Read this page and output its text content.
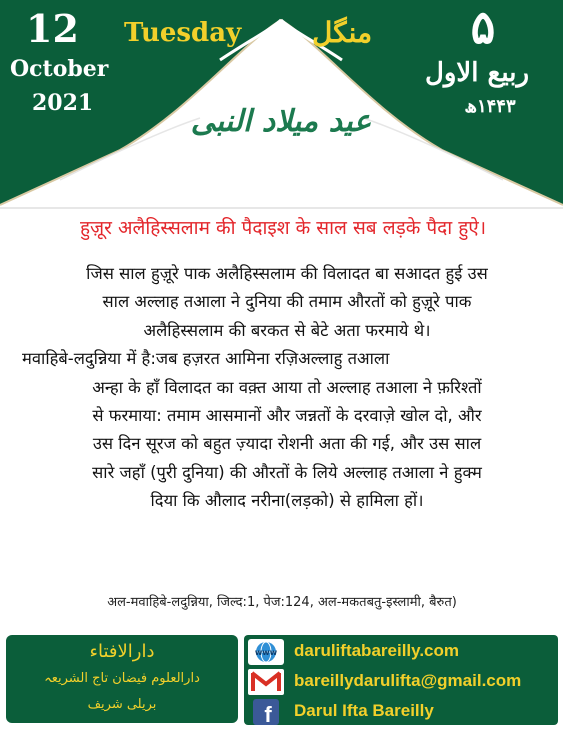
12
October
2021
Tuesday	منگل	۵
ربیع الاول
۱۴۴۳ھ
عید میلاد النبی
हुज़ूर अलैहिस्सलाम की पैदाइश के साल सब लड़के पैदा हुऐ।

जिस साल हुज़ूरे पाक अलैहिस्सलाम की विलादत बा सआदत हुई उस

साल अल्लाह तआला ने दुनिया की तमाम औरतों को हुज़ूरे पाक

अलैहिस्सलाम की बरकत से बेटे अता फरमाये थे।

मवाहिबे-लदुन्निया में है:जब हज़रत आमिना रज़िअल्लाहु तआला

अन्हा के हाँ विलादत का वक़्त आया तो अल्लाह तआला ने फ़रिश्तों

से फरमाया: तमाम आसमानों और जन्नतों के दरवाज़े खोल दो, और

उस दिन सूरज को बहुत ज़्यादा रोशनी अता की गई, और उस साल

सारे जहाँ (पुरी दुनिया) की औरतों के लिये अल्लाह तआला ने हुक्म

दिया कि औलाद नरीना(लड़को) से हामिला हों।

अल-मवाहिबे-लदुन्निया, जिल्द:1, पेज:124, अल-मकतबतु-इस्लामी, बैरुत)
دارالافتاء
دارالعلوم فیضان تاج الشریعہ
بریلی شریف
www daruliftabareilly.com
bareillydarulifta@gmail.com
f Darul Ifta Bareilly
